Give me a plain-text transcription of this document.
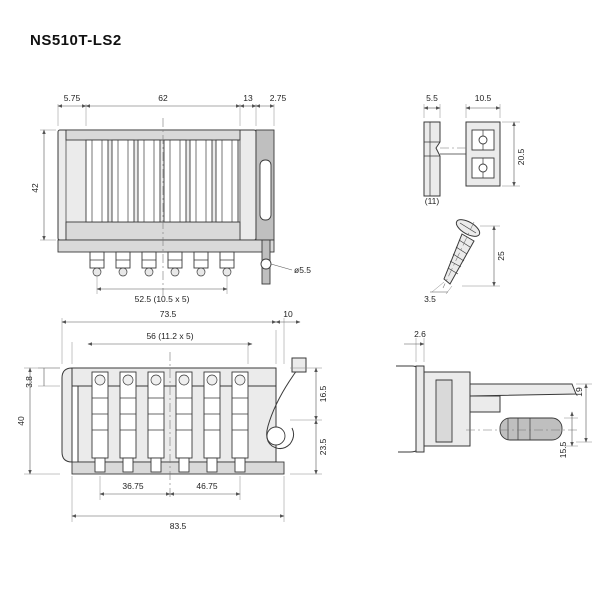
NS510T-LS2
5.75	62	13 2.75
42
ø5.5
52.5 (10.5 x 5)
5.5	10.5
20.5
(11)
25
3.5
73.5	10
56 (11.2 x 5)
3.8
40
16.5
23.5
36.75	46.75
83.5
2.6
19
15.5
